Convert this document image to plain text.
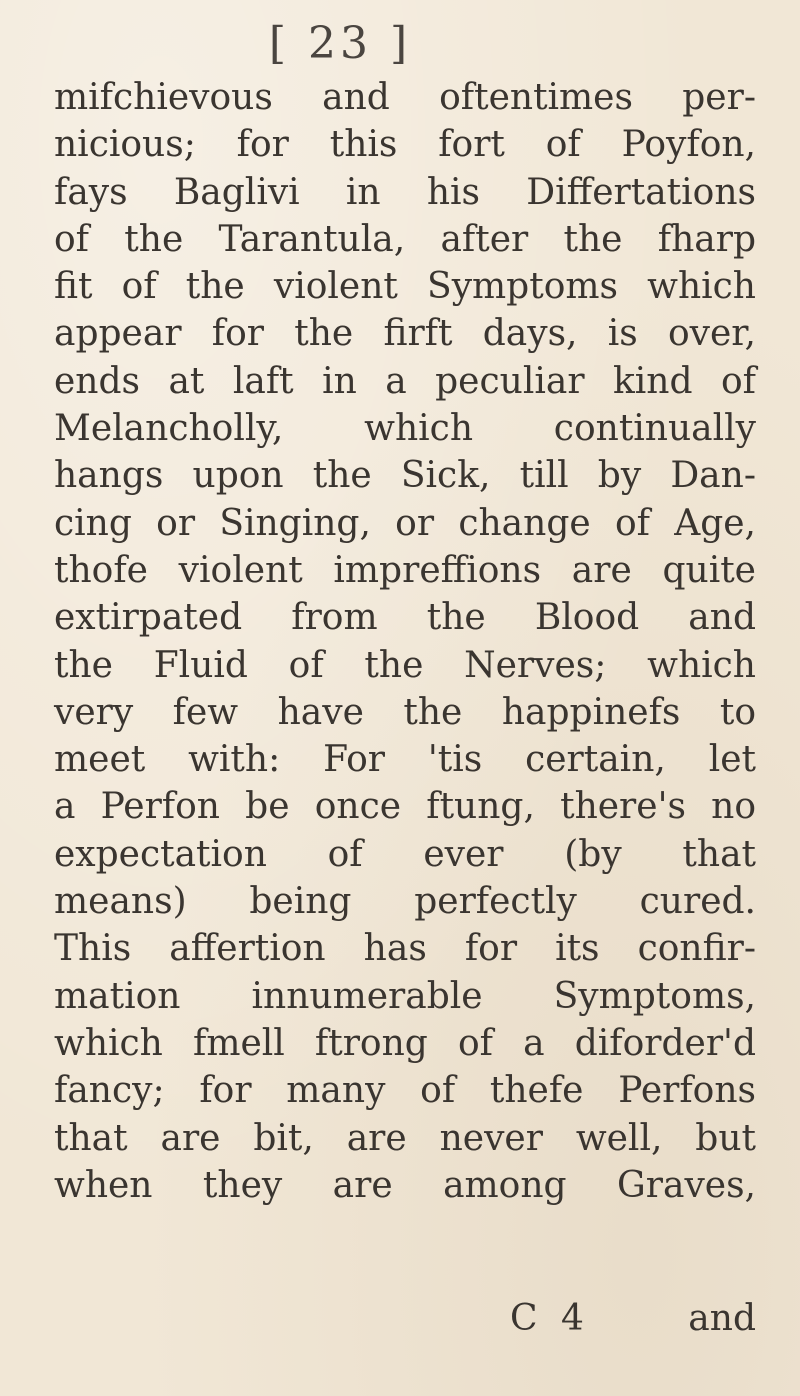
[ 23 ]
mifchievous and oftentimes per-
nicious; for this fort of Poyfon,
fays Baglivi in his Differtations
of the Tarantula, after the fharp
fit of the violent Symptoms which
appear for the firft days, is over,
ends at laft in a peculiar kind of
Melancholly, which continually
hangs upon the Sick, till by Dan-
cing or Singing, or change of Age,
thofe violent impreffions are quite
extirpated from the Blood and
the Fluid of the Nerves; which
very few have the happinefs to
meet with: For 'tis certain, let
a Perfon be once ftung, there's no
expectation of ever (by that
means) being perfectly cured.
This affertion has for its confir-
mation innumerable Symptoms,
which fmell ftrong of a diforder'd
fancy; for many of thefe Perfons
that are bit, are never well, but
when they are among Graves,
C 4	and
